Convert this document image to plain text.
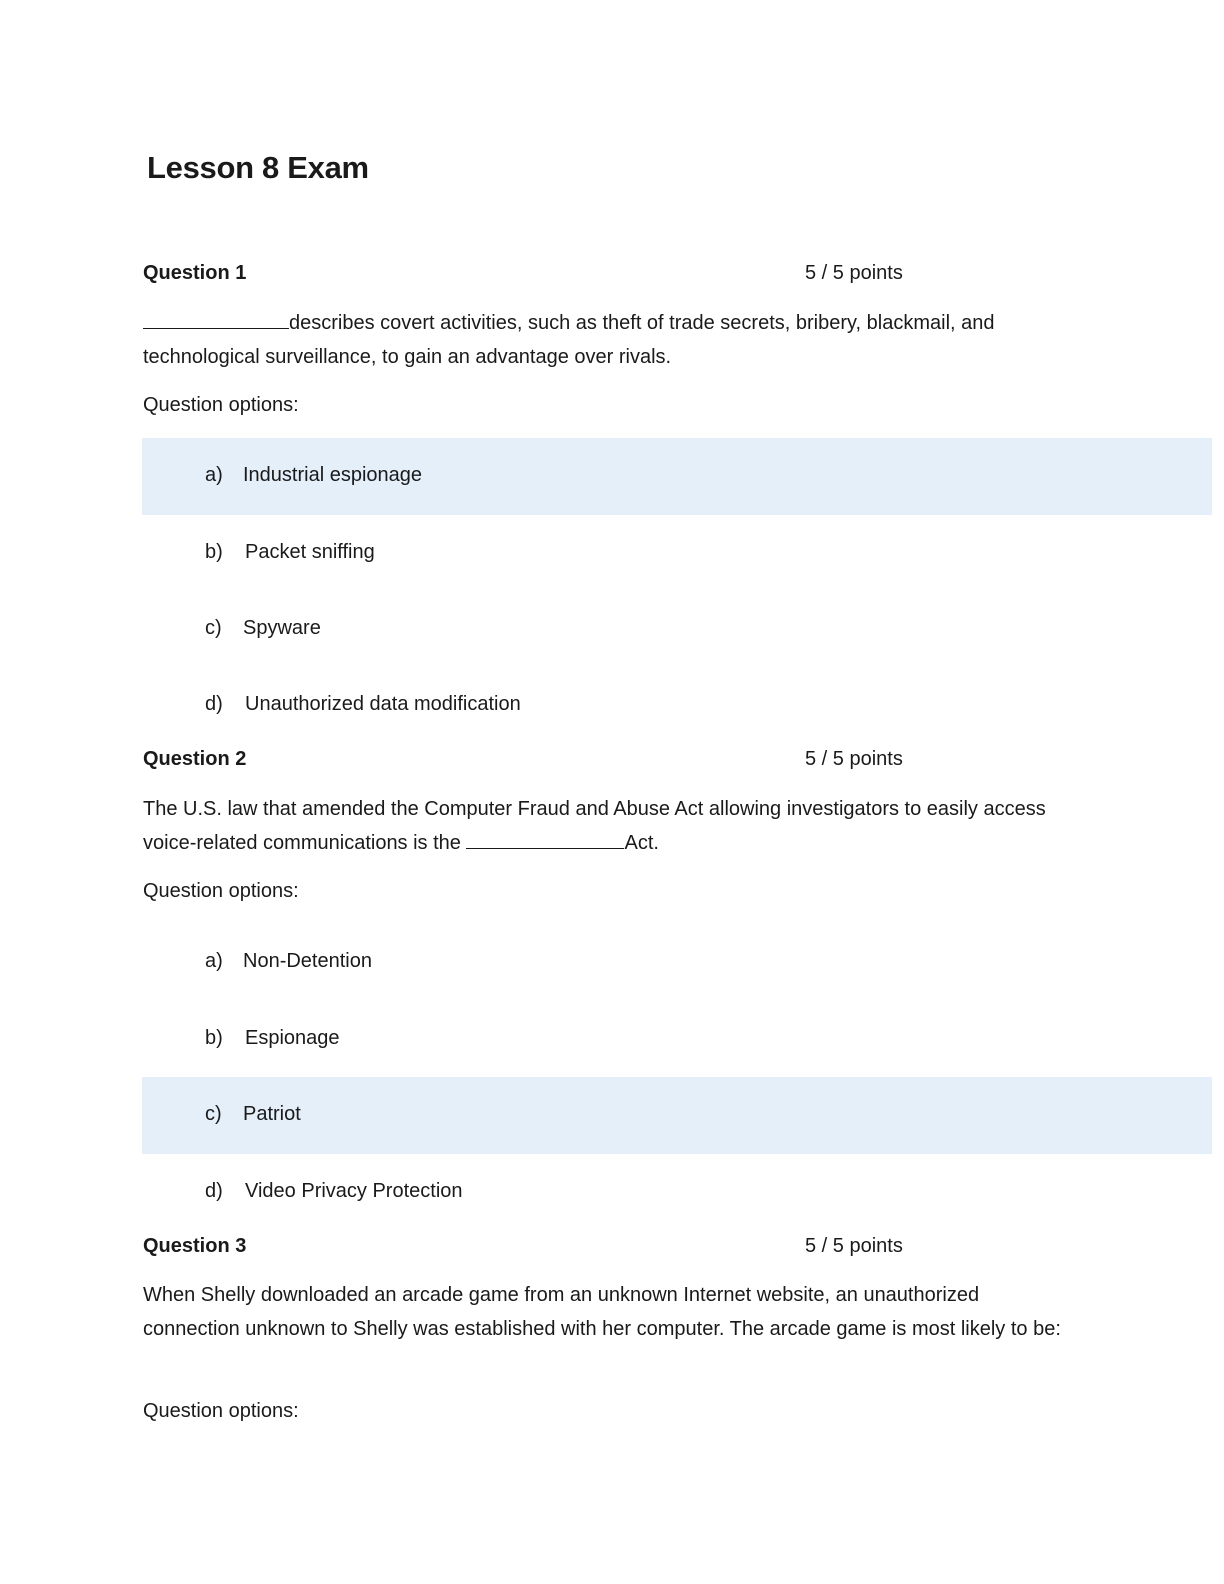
Lesson 8 Exam
Question 1	5 / 5 points
describes covert activities, such as theft of trade secrets, bribery, blackmail, and technological surveillance, to gain an advantage over rivals.
Question options:
a) Industrial espionage
b) Packet sniffing
c) Spyware
d) Unauthorized data modification
Question 2	5 / 5 points
The U.S. law that amended the Computer Fraud and Abuse Act allowing investigators to easily access voice-related communications is the	Act.
Question options:
a) Non-Detention
b) Espionage
c) Patriot
d) Video Privacy Protection
Question 3	5 / 5 points
When Shelly downloaded an arcade game from an unknown Internet website, an unauthorized connection unknown to Shelly was established with her computer. The arcade game is most likely to be:
Question options:
